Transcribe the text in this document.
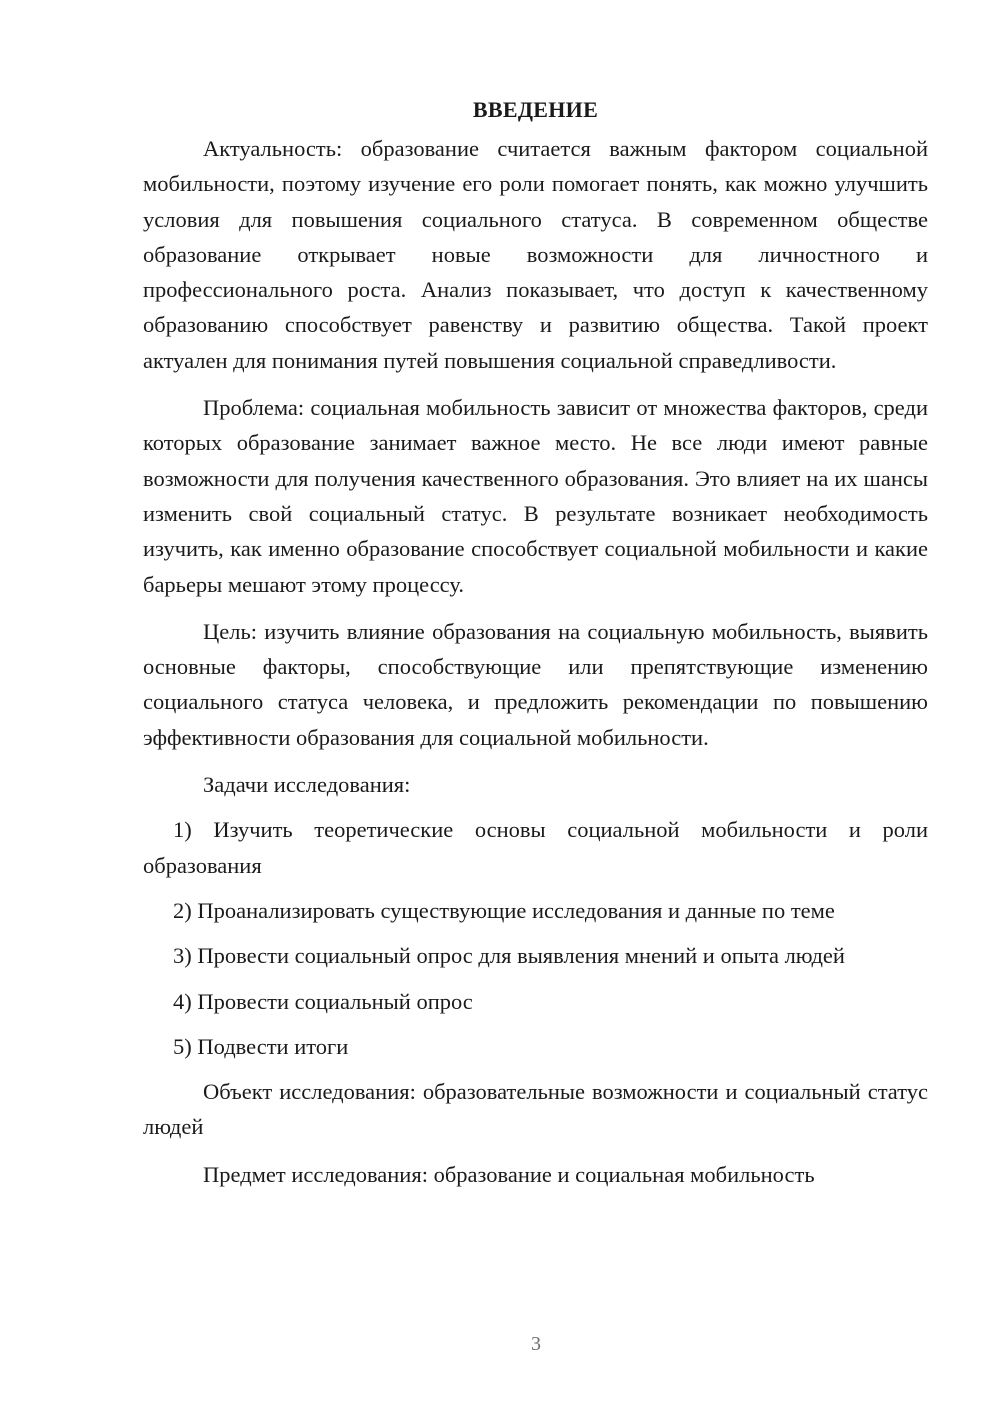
ВВЕДЕНИЕ

Актуальность: образование считается важным фактором социальной мобильности, поэтому изучение его роли помогает понять, как можно улучшить условия для повышения социального статуса. В современном обществе образование открывает новые возможности для личностного и профессионального роста. Анализ показывает, что доступ к качественному образованию способствует равенству и развитию общества. Такой проект актуален для понимания путей повышения социальной справедливости.

Проблема: социальная мобильность зависит от множества факторов, среди которых образование занимает важное место. Не все люди имеют равные возможности для получения качественного образования. Это влияет на их шансы изменить свой социальный статус. В результате возникает необходимость изучить, как именно образование способствует социальной мобильности и какие барьеры мешают этому процессу.

Цель: изучить влияние образования на социальную мобильность, выявить основные факторы, способствующие или препятствующие изменению социального статуса человека, и предложить рекомендации по повышению эффективности образования для социальной мобильности.

Задачи исследования:

1) Изучить теоретические основы социальной мобильности и роли образования
2) Проанализировать существующие исследования и данные по теме
3) Провести социальный опрос для выявления мнений и опыта людей
4) Провести социальный опрос
5) Подвести итоги

Объект исследования: образовательные возможности и социальный статус людей

Предмет исследования: образование и социальная мобильность

3
